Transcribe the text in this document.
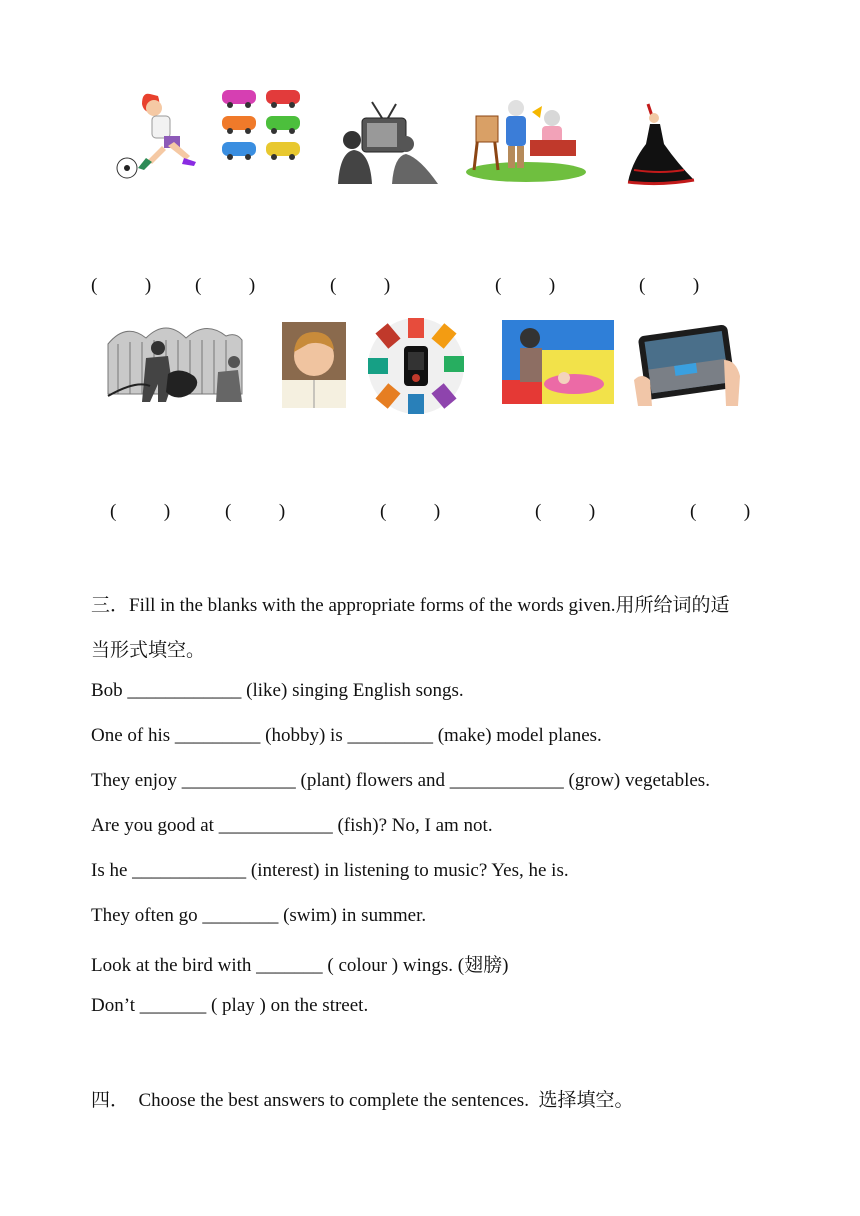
(          ) (          )	(          )	(          )	(          )
(          )	(          )	(          )	(          )	(          )
三．Fill in the blanks with the appropriate forms of the words given.用所给词的适
当形式填空。
Bob ____________ (like) singing English songs.
One of his _________ (hobby) is _________ (make) model planes.
They enjoy ____________ (plant) flowers and ____________ (grow) vegetables.
Are you good at ____________ (fish)? No, I am not.
Is he ____________ (interest) in listening to music? Yes, he is.
They often go ________ (swim) in summer.
Look at the bird with _______ ( colour ) wings. (翅膀)
Don’t _______ ( play ) on the street.
四．  Choose the best answers to complete the sentences.  选择填空。
